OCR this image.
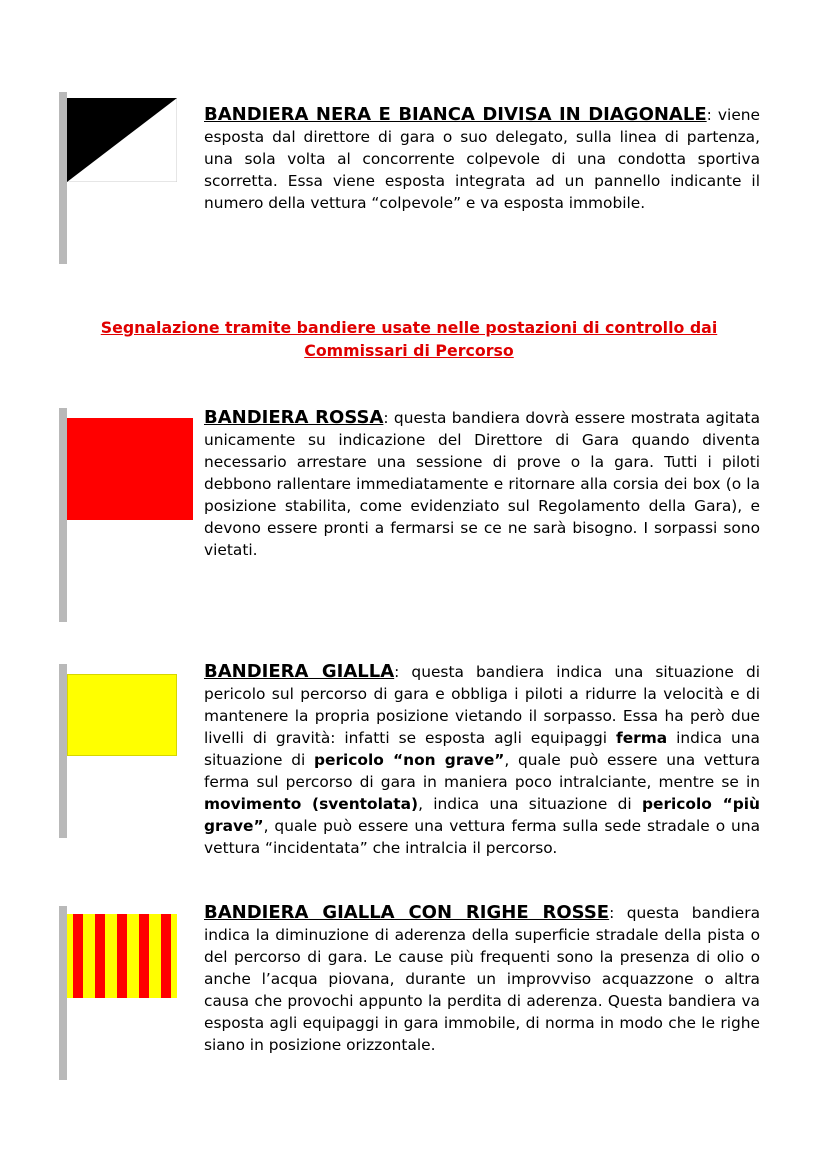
BANDIERA NERA E BIANCA DIVISA IN DIAGONALE: viene esposta dal direttore di gara o suo delegato, sulla linea di partenza, una sola volta al concorrente colpevole di una condotta sportiva scorretta. Essa viene esposta integrata ad un pannello indicante il numero della vettura “colpevole” e va esposta immobile.

Segnalazione tramite bandiere usate nelle postazioni di controllo dai
Commissari di Percorso

BANDIERA ROSSA: questa bandiera dovrà essere mostrata agitata unicamente su indicazione del Direttore di Gara quando diventa necessario arrestare una sessione di prove o la gara. Tutti i piloti debbono rallentare immediatamente e ritornare alla corsia dei box (o la posizione stabilita, come evidenziato sul Regolamento della Gara), e devono essere pronti a fermarsi se ce ne sarà bisogno. I sorpassi sono vietati.

BANDIERA GIALLA: questa bandiera indica una situazione di pericolo sul percorso di gara e obbliga i piloti a ridurre la velocità e di mantenere la propria posizione vietando il sorpasso. Essa ha però due livelli di gravità: infatti se esposta agli equipaggi ferma indica una situazione di pericolo “non grave”, quale può essere una vettura ferma sul percorso di gara in maniera poco intralciante, mentre se in movimento (sventolata), indica una situazione di pericolo “più grave”, quale può essere una vettura ferma sulla sede stradale o una vettura “incidentata” che intralcia il percorso.

BANDIERA GIALLA CON RIGHE ROSSE: questa bandiera indica la diminuzione di aderenza della superficie stradale della pista o del percorso di gara. Le cause più frequenti sono la presenza di olio o anche l’acqua piovana, durante un improvviso acquazzone o altra causa che provochi appunto la perdita di aderenza. Questa bandiera va esposta agli equipaggi in gara immobile, di norma in modo che le righe siano in posizione orizzontale.
